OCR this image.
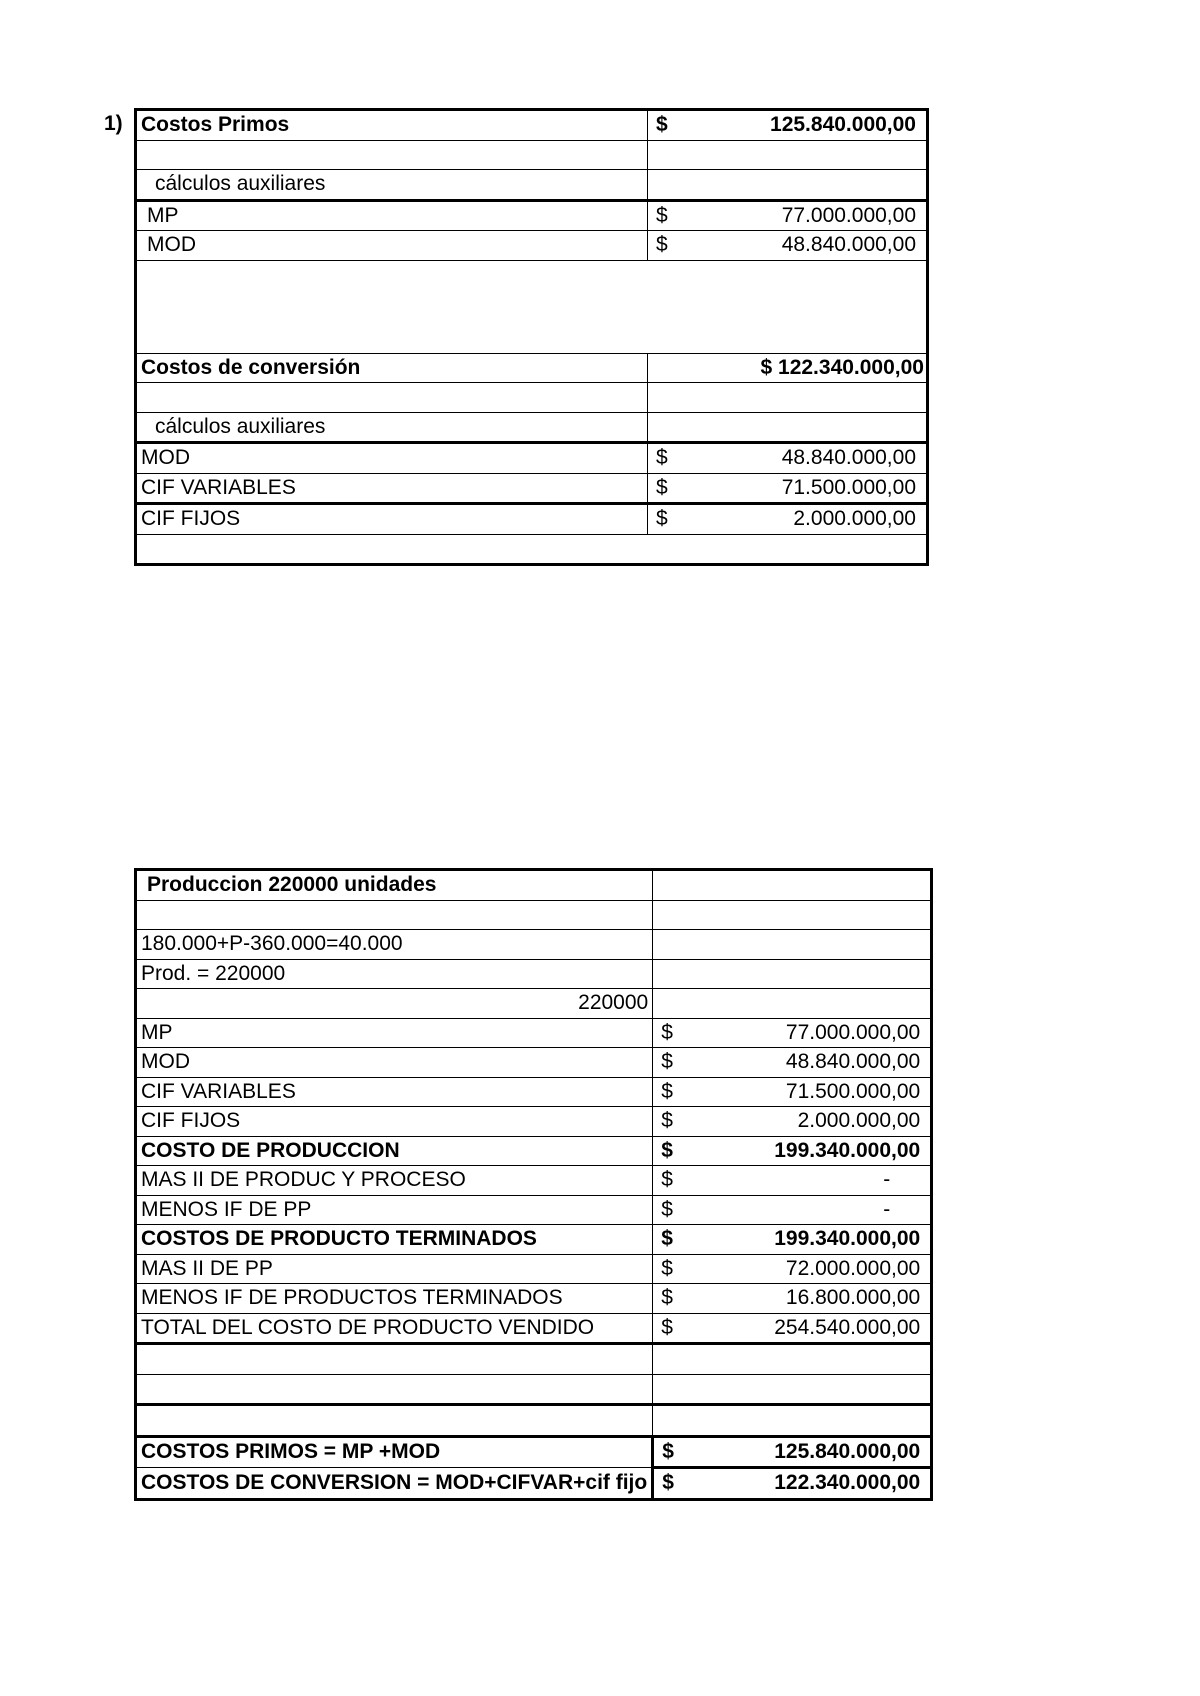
1) Costos Primos	$ 125.840.000,00

cálculos auxiliares	
MP	$ 77.000.000,00

MOD	$ 48.840.000,00

Costos de conversión	$ 122.340.000,00

cálculos auxiliares	
MOD	$ 48.840.000,00

CIF VARIABLES	$ 71.500.000,00

CIF FIJOS	$ 2.000.000,00

Produccion 220000 unidades	

180.000+P-360.000=40.000	
Prod. = 220000	
220000	
MP	$ 77.000.000,00

MOD	$ 48.840.000,00

CIF VARIABLES	$ 71.500.000,00

CIF FIJOS	$ 2.000.000,00

COSTO DE PRODUCCION	$ 199.340.000,00

MAS II DE PRODUC Y PROCESO	$ -

MENOS IF DE PP	$ -

COSTOS DE PRODUCTO TERMINADOS	$ 199.340.000,00

MAS II DE PP	$ 72.000.000,00

MENOS IF DE PRODUCTOS TERMINADOS	$ 16.800.000,00

TOTAL DEL COSTO DE PRODUCTO VENDIDO	$ 254.540.000,00

COSTOS PRIMOS = MP +MOD	$ 125.840.000,00

COSTOS DE CONVERSION = MOD+CIFVAR+cif fijo	$ 122.340.000,00
